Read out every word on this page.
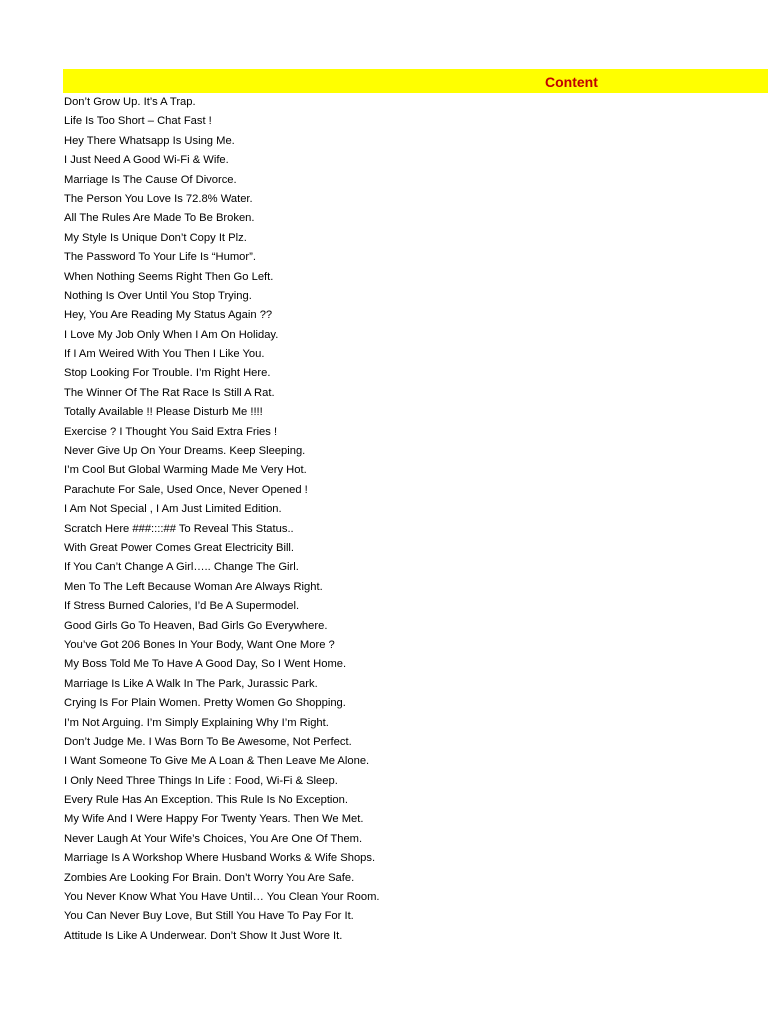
Content
Don’t Grow Up. It’s A Trap.
Life Is Too Short – Chat Fast !
Hey There Whatsapp Is Using Me.
I Just Need A Good Wi-Fi & Wife.
Marriage Is The Cause Of Divorce.
The Person You Love Is 72.8% Water.
All The Rules Are Made To Be Broken.
My Style Is Unique Don’t Copy It Plz.
The Password To Your Life Is “Humor”.
When Nothing Seems Right Then Go Left.
Nothing Is Over Until You Stop Trying.
Hey, You Are Reading My Status Again ??
I Love My Job Only When I Am On Holiday.
If I Am Weired With You Then I Like You.
Stop Looking For Trouble. I’m Right Here.
The Winner Of The Rat Race Is Still A Rat.
Totally Available !! Please Disturb Me !!!!
Exercise ? I Thought You Said Extra Fries !
Never Give Up On Your Dreams. Keep Sleeping.
I’m Cool But Global Warming Made Me Very Hot.
Parachute For Sale, Used Once, Never Opened !
I Am Not Special , I Am Just Limited Edition.
Scratch Here ###::::## To Reveal This Status..
With Great Power Comes Great Electricity Bill.
If You Can’t Change A Girl….. Change The Girl.
Men To The Left Because Woman Are Always Right.
If Stress Burned Calories, I’d Be A Supermodel.
Good Girls Go To Heaven, Bad Girls Go Everywhere.
You’ve Got 206 Bones In Your Body, Want One More ?
My Boss Told Me To Have A Good Day, So I Went Home.
Marriage Is Like A Walk In The Park, Jurassic Park.
Crying Is For Plain Women. Pretty Women Go Shopping.
I’m Not Arguing. I’m Simply Explaining Why I’m Right.
Don’t Judge Me. I Was Born To Be Awesome, Not Perfect.
I Want Someone To Give Me A Loan & Then Leave Me Alone.
I Only Need Three Things In Life : Food, Wi-Fi & Sleep.
Every Rule Has An Exception. This Rule Is No Exception.
My Wife And I Were Happy For Twenty Years. Then We Met.
Never Laugh At Your Wife’s Choices, You Are One Of Them.
Marriage Is A Workshop Where Husband Works & Wife Shops.
Zombies Are Looking For Brain. Don’t Worry You Are Safe.
You Never Know What You Have Until… You Clean Your Room.
You Can Never Buy Love, But Still You Have To Pay For It.
Attitude Is Like A Underwear. Don’t Show It Just Wore It.
